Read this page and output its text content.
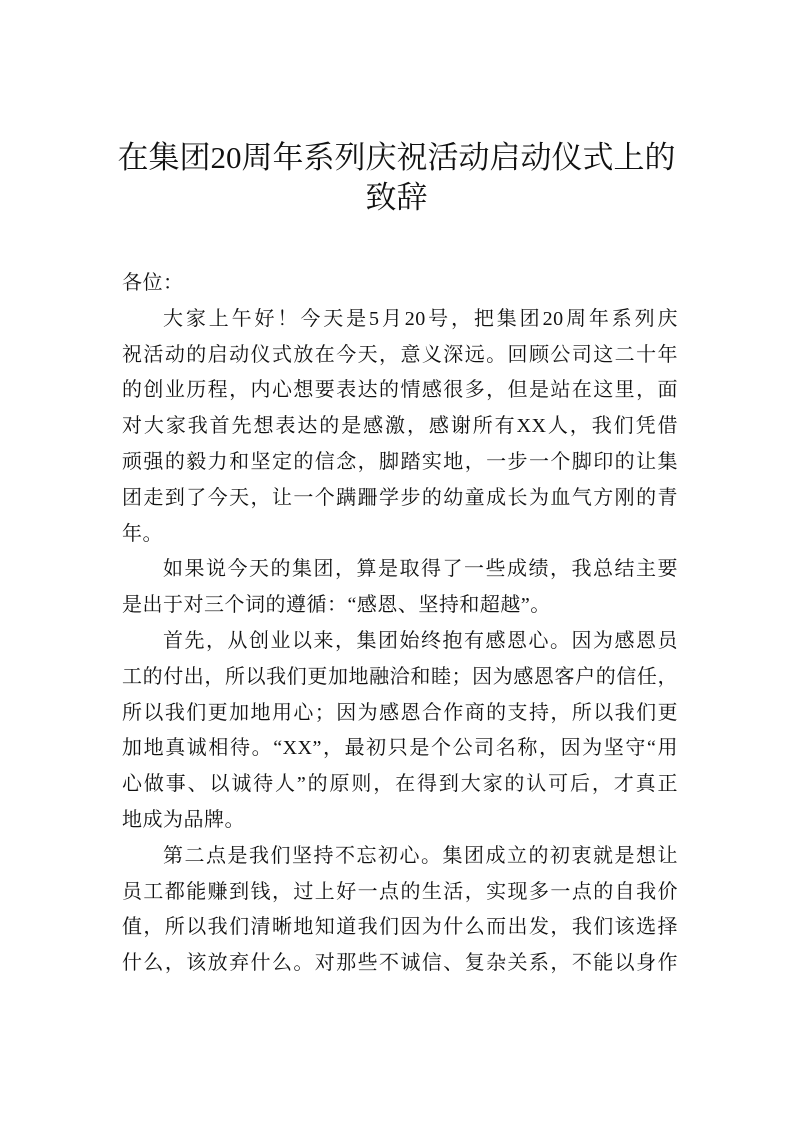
在集团20周年系列庆祝活动启动仪式上的
致辞
各位：
大家上午好！今天是5月20号，把集团20周年系列庆
祝活动的启动仪式放在今天，意义深远。回顾公司这二十年
的创业历程，内心想要表达的情感很多，但是站在这里，面
对大家我首先想表达的是感激，感谢所有XX人，我们凭借
顽强的毅力和坚定的信念，脚踏实地，一步一个脚印的让集
团走到了今天，让一个蹒跚学步的幼童成长为血气方刚的青
年。
如果说今天的集团，算是取得了一些成绩，我总结主要
是出于对三个词的遵循：“感恩、坚持和超越”。
首先，从创业以来，集团始终抱有感恩心。因为感恩员
工的付出，所以我们更加地融洽和睦；因为感恩客户的信任，
所以我们更加地用心；因为感恩合作商的支持，所以我们更
加地真诚相待。“XX”，最初只是个公司名称，因为坚守“用
心做事、以诚待人”的原则，在得到大家的认可后，才真正
地成为品牌。
第二点是我们坚持不忘初心。集团成立的初衷就是想让
员工都能赚到钱，过上好一点的生活，实现多一点的自我价
值，所以我们清晰地知道我们因为什么而出发，我们该选择
什么，该放弃什么。对那些不诚信、复杂关系，不能以身作
